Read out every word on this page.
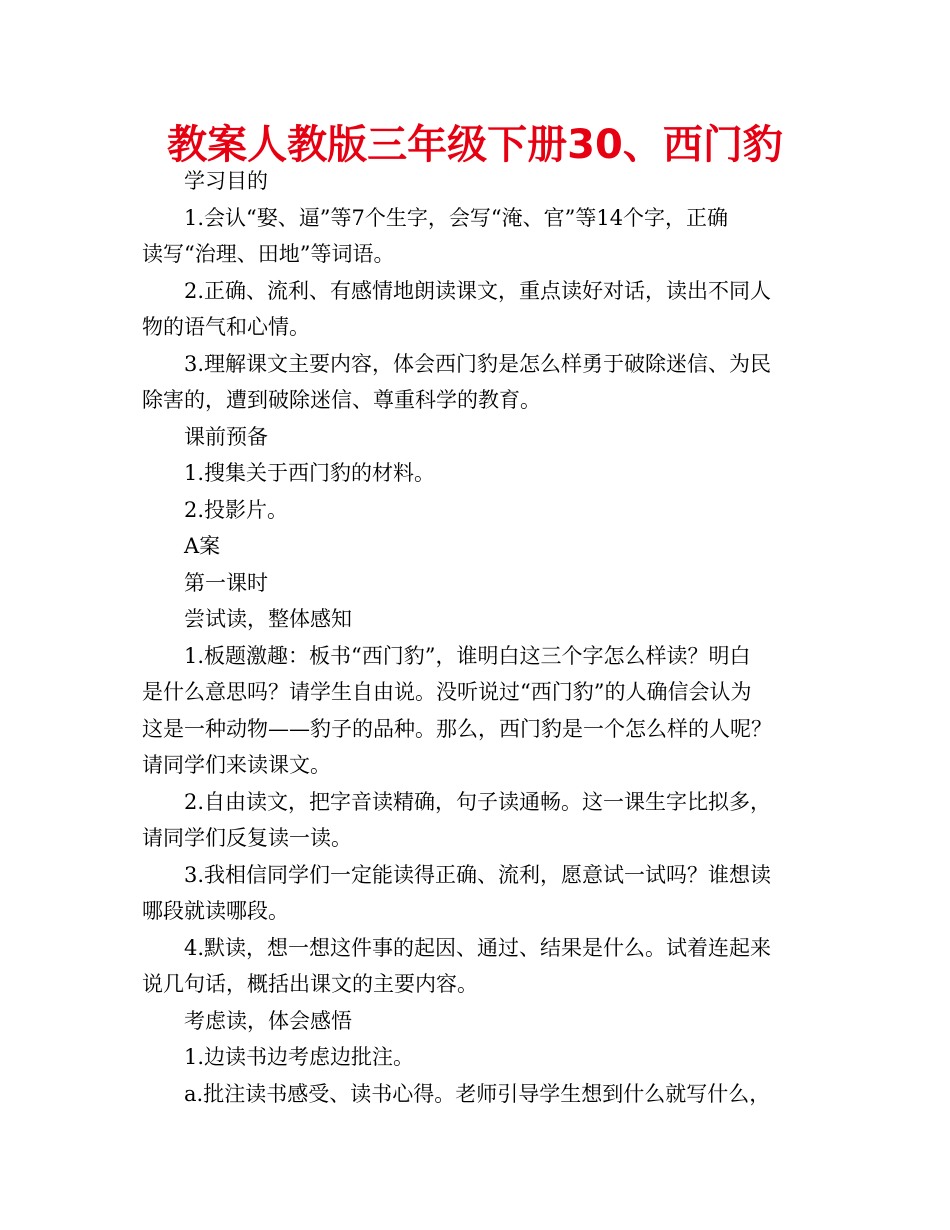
教案人教版三年级下册30、西门豹
学习目的
1.会认“娶、逼”等7个生字，会写“淹、官”等14个字，正确
读写“治理、田地”等词语。
2.正确、流利、有感情地朗读课文，重点读好对话，读出不同人
物的语气和心情。
3.理解课文主要内容，体会西门豹是怎么样勇于破除迷信、为民
除害的，遭到破除迷信、尊重科学的教育。
课前预备
1.搜集关于西门豹的材料。
2.投影片。
A案
第一课时
尝试读，整体感知
1.板题激趣：板书“西门豹”，谁明白这三个字怎么样读？明白
是什么意思吗？请学生自由说。没听说过“西门豹”的人确信会认为
这是一种动物——豹子的品种。那么，西门豹是一个怎么样的人呢？
请同学们来读课文。
2.自由读文，把字音读精确，句子读通畅。这一课生字比拟多，
请同学们反复读一读。
3.我相信同学们一定能读得正确、流利，愿意试一试吗？谁想读
哪段就读哪段。
4.默读，想一想这件事的起因、通过、结果是什么。试着连起来
说几句话，概括出课文的主要内容。
考虑读，体会感悟
1.边读书边考虑边批注。
a.批注读书感受、读书心得。老师引导学生想到什么就写什么，
